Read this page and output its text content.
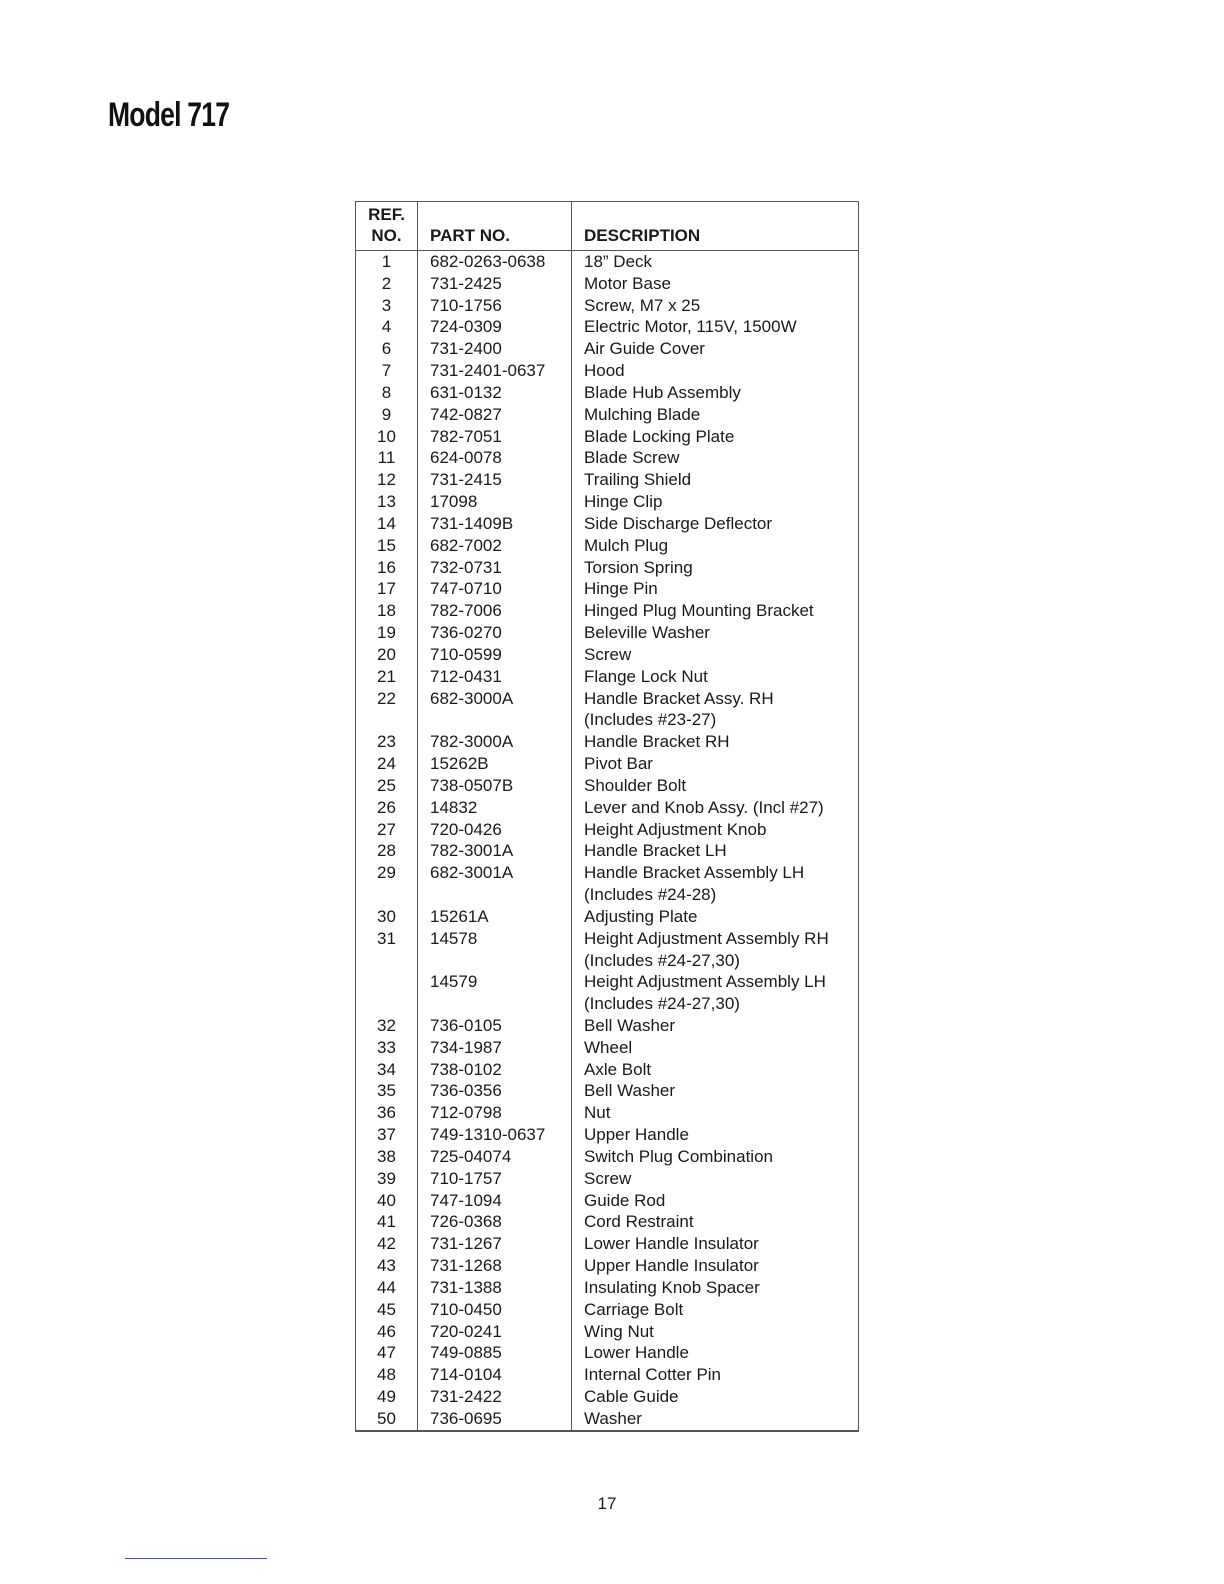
Model 717
REF.
NO.	PART NO.	DESCRIPTION
1	682-0263-0638	18” Deck
2	731-2425	Motor Base
3	710-1756	Screw, M7 x 25
4	724-0309	Electric Motor, 115V, 1500W
6	731-2400	Air Guide Cover
7	731-2401-0637	Hood
8	631-0132	Blade Hub Assembly
9	742-0827	Mulching Blade
10	782-7051	Blade Locking Plate
11	624-0078	Blade Screw
12	731-2415	Trailing Shield
13	17098	Hinge Clip
14	731-1409B	Side Discharge Deflector
15	682-7002	Mulch Plug
16	732-0731	Torsion Spring
17	747-0710	Hinge Pin
18	782-7006	Hinged Plug Mounting Bracket
19	736-0270	Beleville Washer
20	710-0599	Screw
21	712-0431	Flange Lock Nut
22	682-3000A	Handle Bracket Assy. RH
		(Includes #23-27)
23	782-3000A	Handle Bracket RH
24	15262B	Pivot Bar
25	738-0507B	Shoulder Bolt
26	14832	Lever and Knob Assy. (Incl #27)
27	720-0426	Height Adjustment Knob
28	782-3001A	Handle Bracket LH
29	682-3001A	Handle Bracket Assembly LH
		(Includes #24-28)
30	15261A	Adjusting Plate
31	14578	Height Adjustment Assembly RH
		(Includes #24-27,30)
	14579	Height Adjustment Assembly LH
		(Includes #24-27,30)
32	736-0105	Bell Washer
33	734-1987	Wheel
34	738-0102	Axle Bolt
35	736-0356	Bell Washer
36	712-0798	Nut
37	749-1310-0637	Upper Handle
38	725-04074	Switch Plug Combination
39	710-1757	Screw
40	747-1094	Guide Rod
41	726-0368	Cord Restraint
42	731-1267	Lower Handle Insulator
43	731-1268	Upper Handle Insulator
44	731-1388	Insulating Knob Spacer
45	710-0450	Carriage Bolt
46	720-0241	Wing Nut
47	749-0885	Lower Handle
48	714-0104	Internal Cotter Pin
49	731-2422	Cable Guide
50	736-0695	Washer
17
